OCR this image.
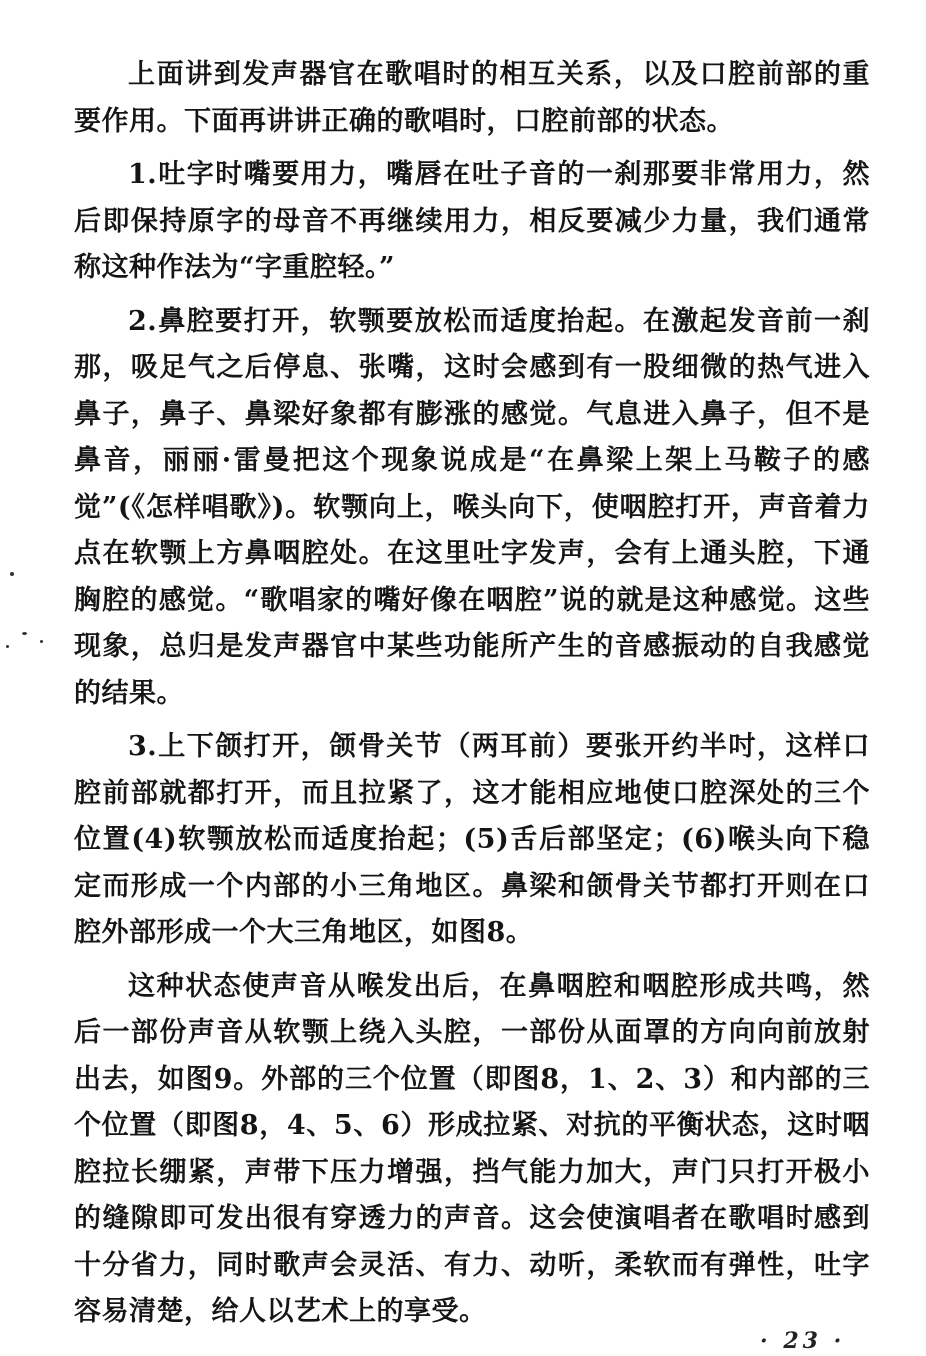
上面讲到发声器官在歌唱时的相互关系，以及口腔前部的重要作用。下面再讲讲正确的歌唱时，口腔前部的状态。

1.吐字时嘴要用力，嘴唇在吐子音的一刹那要非常用力，然后即保持原字的母音不再继续用力，相反要减少力量，我们通常称这种作法为“字重腔轻。”

2.鼻腔要打开，软颚要放松而适度抬起。在激起发音前一刹那，吸足气之后停息、张嘴，这时会感到有一股细微的热气进入鼻子，鼻子、鼻梁好象都有膨涨的感觉。气息进入鼻子，但不是鼻音，丽丽·雷曼把这个现象说成是“在鼻梁上架上马鞍子的感觉”(《怎样唱歌》)。软颚向上，喉头向下，使咽腔打开，声音着力点在软颚上方鼻咽腔处。在这里吐字发声，会有上通头腔，下通胸腔的感觉。“歌唱家的嘴好像在咽腔”说的就是这种感觉。这些现象，总归是发声器官中某些功能所产生的音感振动的自我感觉的结果。

3.上下颌打开，颌骨关节（两耳前）要张开约半吋，这样口腔前部就都打开，而且拉紧了，这才能相应地使口腔深处的三个位置(4)软颚放松而适度抬起；(5)舌后部坚定；(6)喉头向下稳定而形成一个内部的小三角地区。鼻梁和颌骨关节都打开则在口腔外部形成一个大三角地区，如图8。

这种状态使声音从喉发出后，在鼻咽腔和咽腔形成共鸣，然后一部份声音从软颚上绕入头腔，一部份从面罩的方向向前放射出去，如图9。外部的三个位置（即图8，1、2、3）和内部的三个位置（即图8，4、5、6）形成拉紧、对抗的平衡状态，这时咽腔拉长绷紧，声带下压力增强，挡气能力加大，声门只打开极小的缝隙即可发出很有穿透力的声音。这会使演唱者在歌唱时感到十分省力，同时歌声会灵活、有力、动听，柔软而有弹性，吐字容易清楚，给人以艺术上的享受。

· 23 ·
